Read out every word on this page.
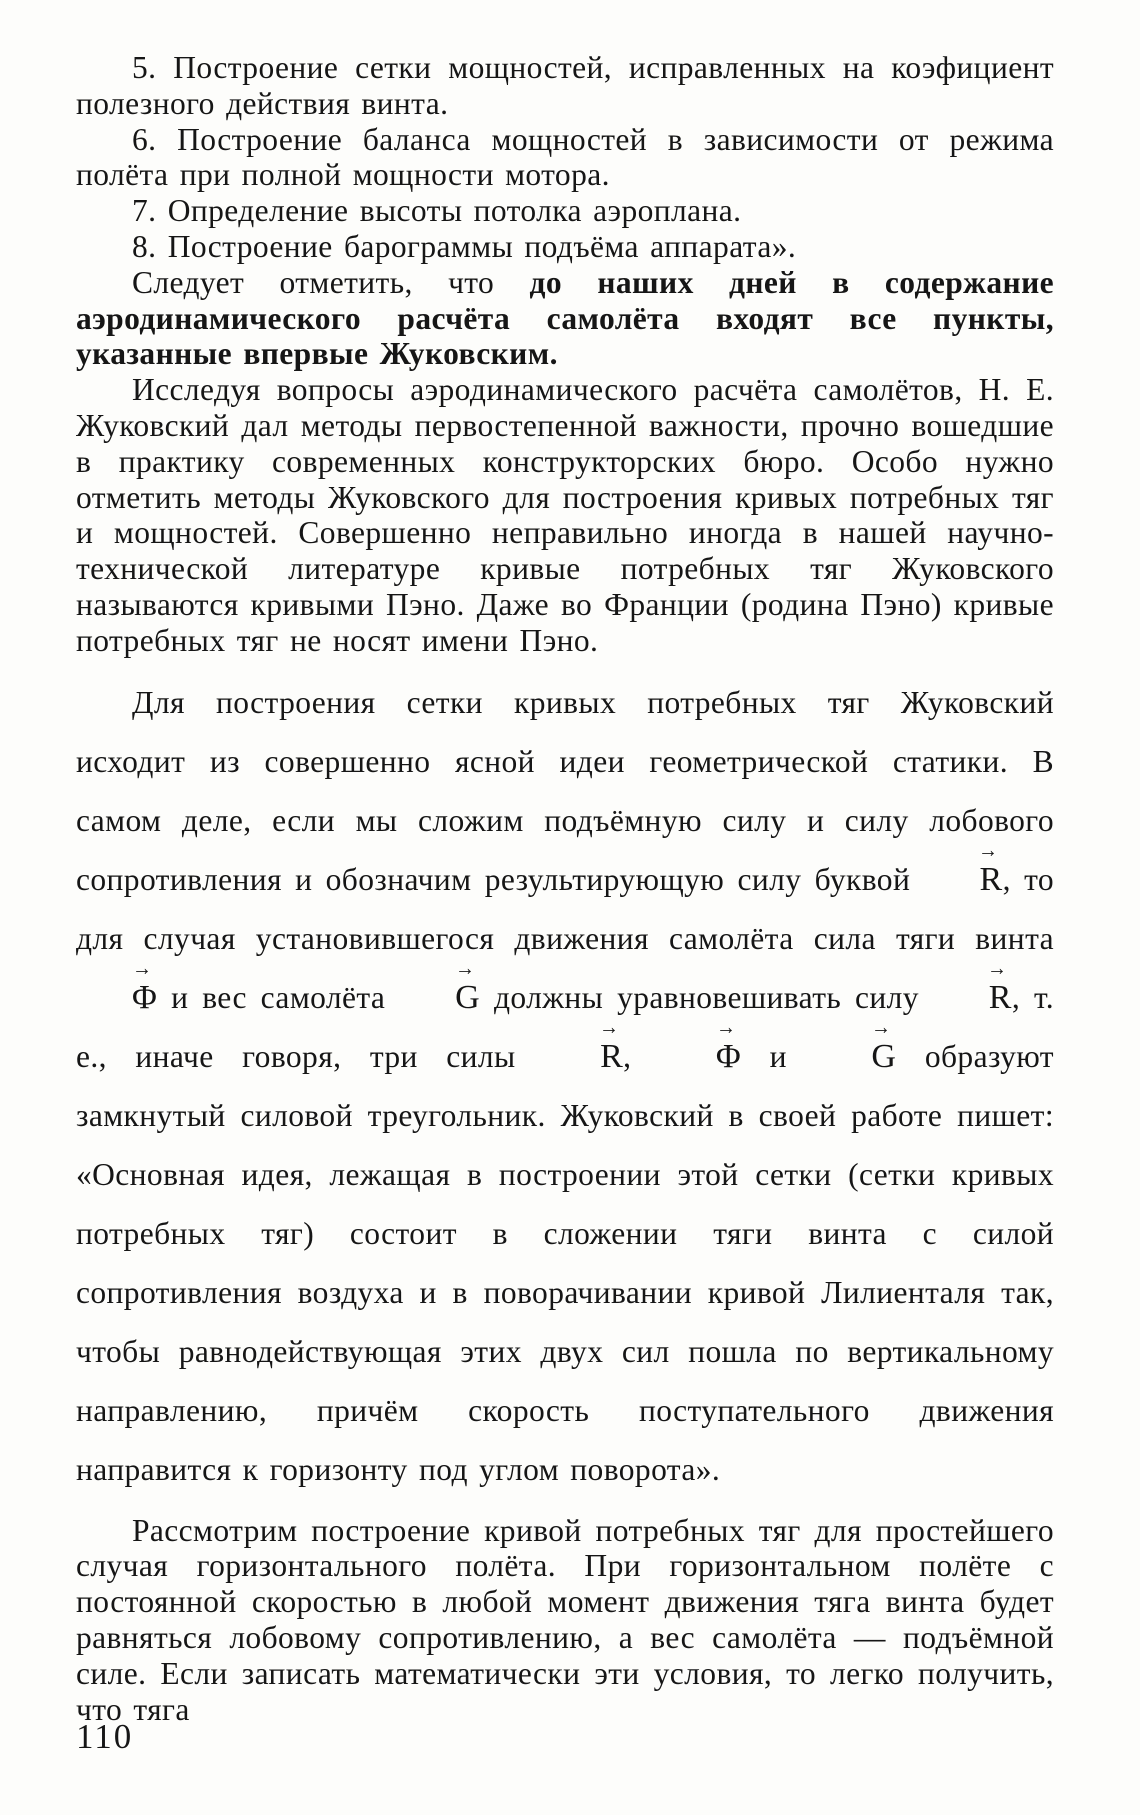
5. Построение сетки мощностей, исправленных на коэфициент полезного действия винта.

6. Построение баланса мощностей в зависимости от режима полёта при полной мощности мотора.

7. Определение высоты потолка аэроплана.

8. Построение барограммы подъёма аппарата».

Следует отметить, что до наших дней в содержание аэродинамического расчёта самолёта входят все пункты, указанные впервые Жуковским.

Исследуя вопросы аэродинамического расчёта самолётов, Н. Е. Жуковский дал методы первостепенной важности, прочно вошедшие в практику современных конструкторских бюро. Особо нужно отметить методы Жуковского для построения кривых потребных тяг и мощностей. Совершенно неправильно иногда в нашей научно-технической литературе кривые потребных тяг Жуковского называются кривыми Пэно. Даже во Франции (родина Пэно) кривые потребных тяг не носят имени Пэно.

Для построения сетки кривых потребных тяг Жуковский исходит из совершенно ясной идеи геометрической статики. В самом деле, если мы сложим подъёмную силу и силу лобового сопротивления и обозначим результирующую силу буквой → R, то для случая установившегося движения самолёта сила тяги винта → Φ и вес самолёта → G должны уравновешивать силу → R, т. е., иначе говоря, три силы → R, → Φ и → G образуют замкнутый силовой треугольник. Жуковский в своей работе пишет: «Основная идея, лежащая в построении этой сетки (сетки кривых потребных тяг) состоит в сложении тяги винта с силой сопротивления воздуха и в поворачивании кривой Лилиенталя так, чтобы равнодействующая этих двух сил пошла по вертикальному направлению, причём скорость поступательного движения направится к горизонту под углом поворота».

Рассмотрим построение кривой потребных тяг для простейшего случая горизонтального полёта. При горизонтальном полёте с постоянной скоростью в любой момент движения тяга винта будет равняться лобовому сопротивлению, а вес самолёта — подъёмной силе. Если записать математически эти условия, то легко получить, что тяга

110
